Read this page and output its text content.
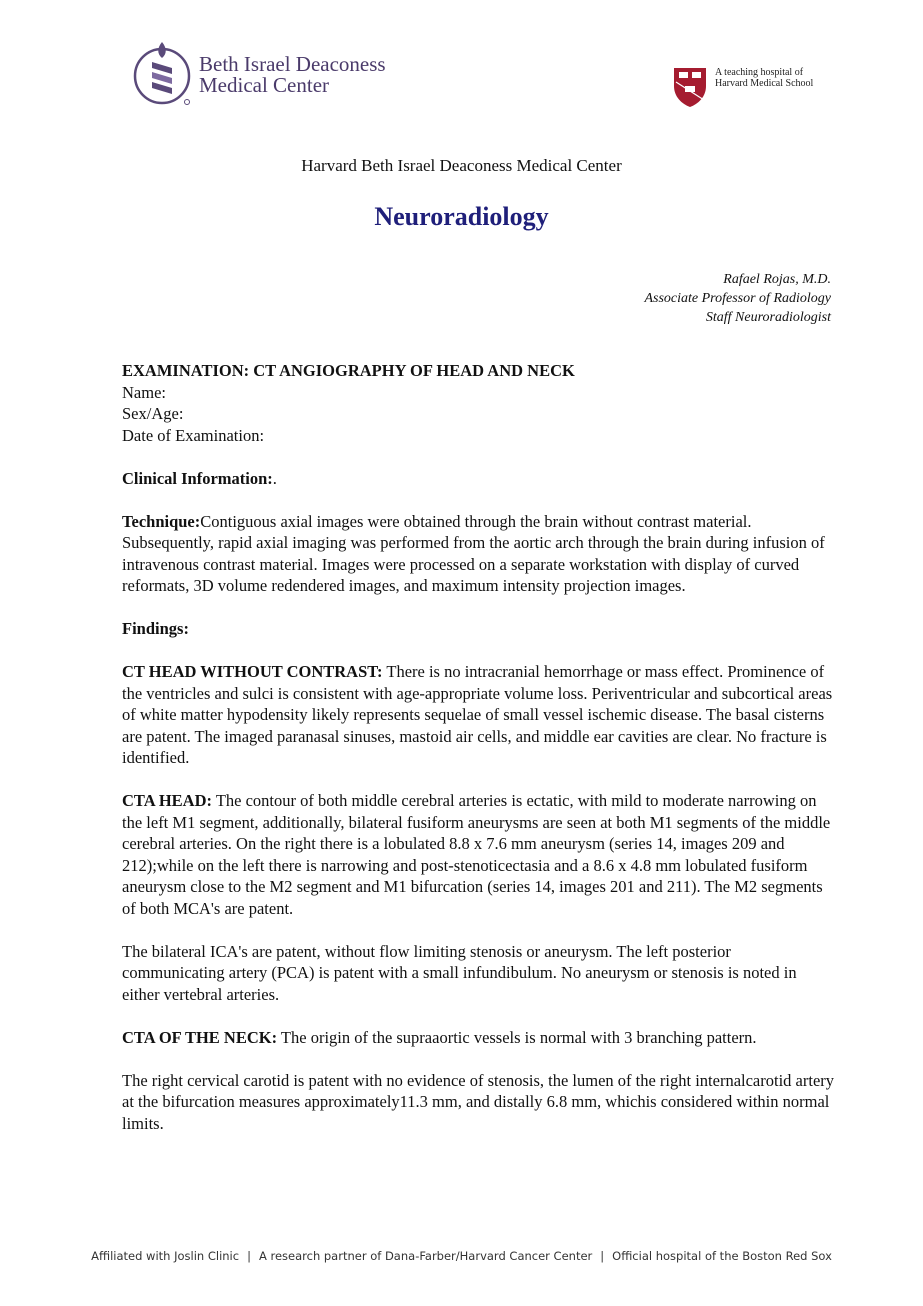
Beth Israel Deaconess
Medical Center
A teaching hospital of
Harvard Medical School
Harvard Beth Israel Deaconess Medical Center
Neuroradiology
Rafael Rojas, M.D.
Associate Professor of Radiology
Staff Neuroradiologist

EXAMINATION: CT ANGIOGRAPHY OF HEAD AND NECK

Name:

Sex/Age:

Date of Examination:

Clinical Information:.

Technique:Contiguous axial images were obtained through the brain without contrast material. Subsequently, rapid axial imaging was performed from the aortic arch through the brain during infusion of intravenous contrast material. Images were processed on a separate workstation with display of curved reformats, 3D volume redendered images, and maximum intensity projection images.

Findings:

CT HEAD WITHOUT CONTRAST: There is no intracranial hemorrhage or mass effect. Prominence of the ventricles and sulci is consistent with age-appropriate volume loss. Periventricular and subcortical areas of white matter hypodensity likely represents sequelae of small vessel ischemic disease. The basal cisterns are patent. The imaged paranasal sinuses, mastoid air cells, and middle ear cavities are clear. No fracture is identified.

CTA HEAD: The contour of both middle cerebral arteries is ectatic, with mild to moderate narrowing on the left M1 segment, additionally, bilateral fusiform aneurysms are seen at both M1 segments of the middle cerebral arteries. On the right there is a lobulated 8.8 x 7.6 mm aneurysm (series 14, images 209 and 212);while on the left there is narrowing and post-stenoticectasia and a 8.6 x 4.8 mm lobulated fusiform aneurysm close to the M2 segment and M1 bifurcation (series 14, images 201 and 211). The M2 segments of both MCA's are patent.

The bilateral ICA's are patent, without flow limiting stenosis or aneurysm. The left posterior communicating artery (PCA) is patent with a small infundibulum. No aneurysm or stenosis is noted in either vertebral arteries.

CTA OF THE NECK: The origin of the supraaortic vessels is normal with 3 branching pattern.

The right cervical carotid is patent with no evidence of stenosis, the lumen of the right internalcarotid artery at the bifurcation measures approximately11.3 mm, and distally 6.8 mm, whichis considered within normal limits.

Affiliated with Joslin Clinic | A research partner of Dana-Farber/Harvard Cancer Center | Official hospital of the Boston Red Sox
